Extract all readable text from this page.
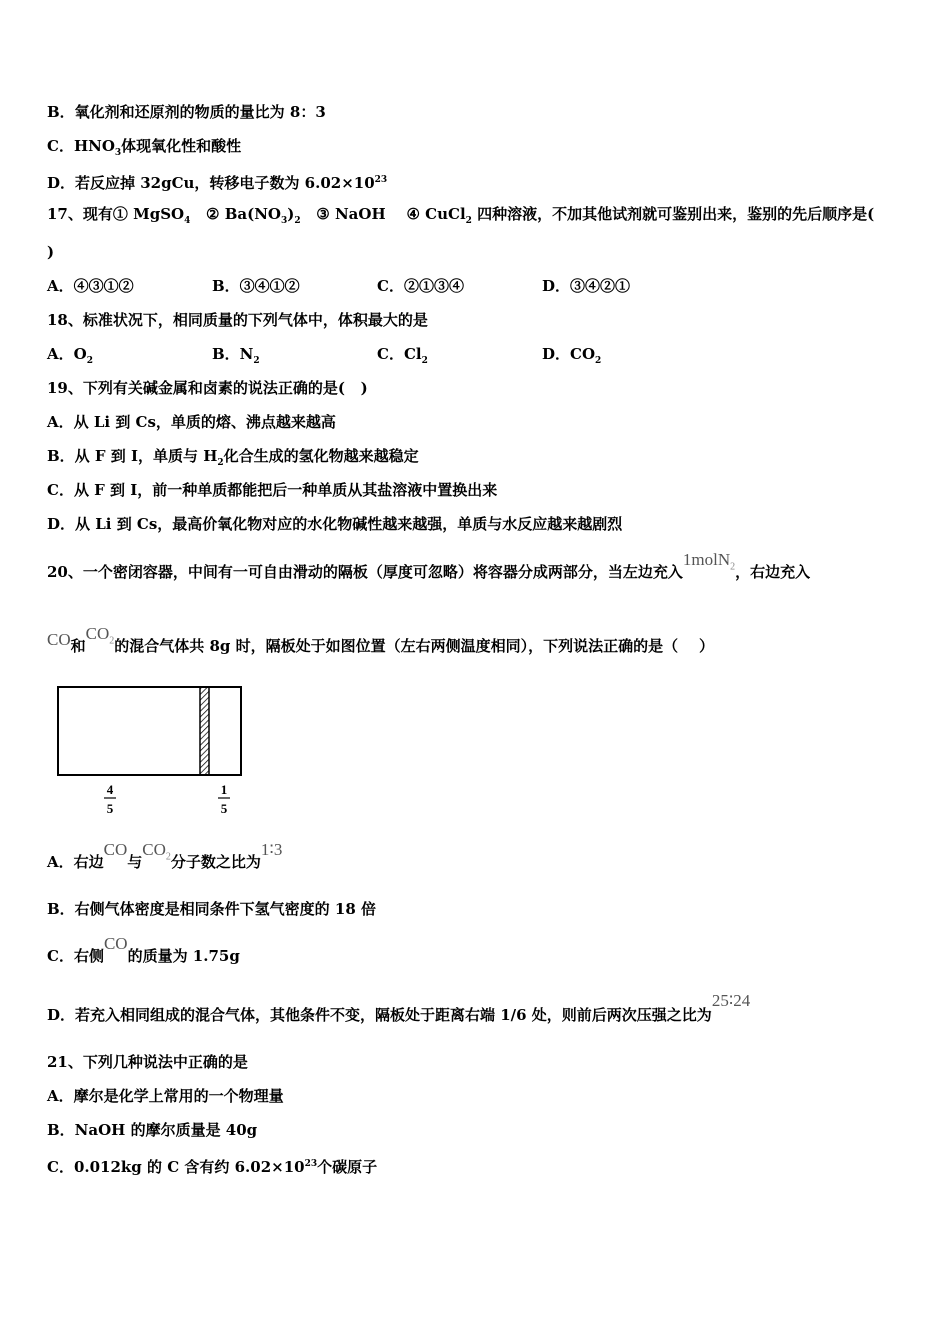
B．氧化剂和还原剂的物质的量比为 8：3
C．$HNO_3$体现氧化性和酸性
D．若反应掉 32gCu，转移电子数为 $6.02\times 10^{23}$
17、现有① MgSO$_4$   ② $Ba(NO_3)_2$   ③ NaOH    ④ CuCl$_2$ 四种溶液，不加其他试剂就可鉴别出来，鉴别的先后顺序是(
)
A．④③①②	B．③④①②	C．②①③④	D．③④②①
18、标准状况下，相同质量的下列气体中，体积最大的是
A．$O_2$	B．$N_2$	C．$Cl_2$	D．$CO_2$
19、下列有关碱金属和卤素的说法正确的是(   )
A．从 Li 到 Cs，单质的熔、沸点越来越高
B．从 F 到 I，单质与 $H_2$化合生成的氢化物越来越稳定
C．从 F 到 I，前一种单质都能把后一种单质从其盐溶液中置换出来
D．从 Li 到 Cs，最高价氧化物对应的水化物碱性越来越强，单质与水反应越来越剧烈
20、一个密闭容器，中间有一可自由滑动的隔板（厚度可忽略）将容器分成两部分，当左边充入1molN$_2$，右边充入
CO和$CO_2$的混合气体共 8g 时，隔板处于如图位置（左右两侧温度相同），下列说法正确的是（    ）
4
5
1
5
A．右边CO与$CO_2$分子数之比为1∶3
B．右侧气体密度是相同条件下氢气密度的 18 倍
C．右侧CO的质量为 1.75g
D．若充入相同组成的混合气体，其他条件不变，隔板处于距离右端 1/6 处，则前后两次压强之比为25∶24
21、下列几种说法中正确的是
A．摩尔是化学上常用的一个物理量
B．NaOH 的摩尔质量是 40g
C．0.012kg 的 C 含有约 $6.02\times 10^{23}$个碳原子
